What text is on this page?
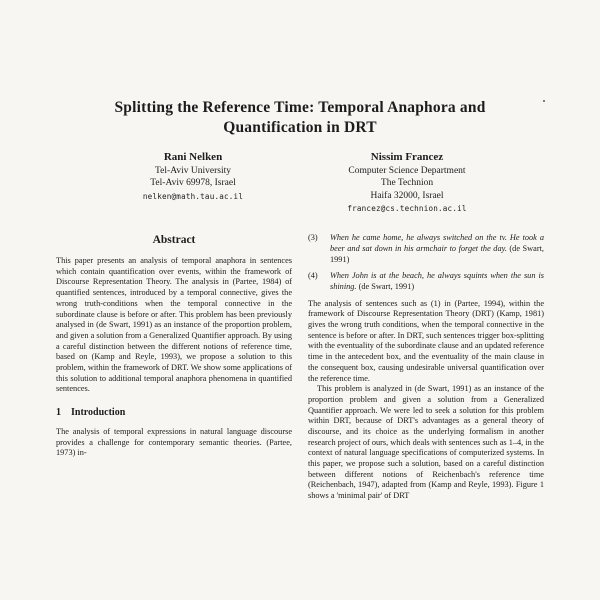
Splitting the Reference Time: Temporal Anaphora and
Quantification in DRT
Rani Nelken
Tel-Aviv University
Tel-Aviv 69978, Israel
nelken@math.tau.ac.il
Nissim Francez
Computer Science Department
The Technion
Haifa 32000, Israel
francez@cs.technion.ac.il
Abstract

This paper presents an analysis of temporal anaphora in sentences which contain quantification over events, within the framework of Discourse Representation Theory. The analysis in (Partee, 1984) of quantified sentences, introduced by a temporal connective, gives the wrong truth-conditions when the temporal connective in the subordinate clause is before or after. This problem has been previously analysed in (de Swart, 1991) as an instance of the proportion problem, and given a solution from a Generalized Quantifier approach. By using a careful distinction between the different notions of reference time, based on (Kamp and Reyle, 1993), we propose a solution to this problem, within the framework of DRT. We show some applications of this solution to additional temporal anaphora phenomena in quantified sentences.

1 Introduction

The analysis of temporal expressions in natural language discourse provides a challenge for contemporary semantic theories. (Partee, 1973) in-

(3)	When he came home, he always switched on the tv. He took a beer and sat down in his armchair to forget the day. (de Swart, 1991)
(4)	When John is at the beach, he always squints when the sun is shining. (de Swart, 1991)

The analysis of sentences such as (1) in (Partee, 1994), within the framework of Discourse Representation Theory (DRT) (Kamp, 1981) gives the wrong truth conditions, when the temporal connective in the sentence is before or after. In DRT, such sentences trigger box-splitting with the eventuality of the subordinate clause and an updated reference time in the antecedent box, and the eventuality of the main clause in the consequent box, causing undesirable universal quantification over the reference time.

This problem is analyzed in (de Swart, 1991) as an instance of the proportion problem and given a solution from a Generalized Quantifier approach. We were led to seek a solution for this problem within DRT, because of DRT's advantages as a general theory of discourse, and its choice as the underlying formalism in another research project of ours, which deals with sentences such as 1–4, in the context of natural language specifications of computerized systems. In this paper, we propose such a solution, based on a careful distinction between different notions of Reichenbach's reference time (Reichenbach, 1947), adapted from (Kamp and Reyle, 1993). Figure 1 shows a 'minimal pair' of DRT
